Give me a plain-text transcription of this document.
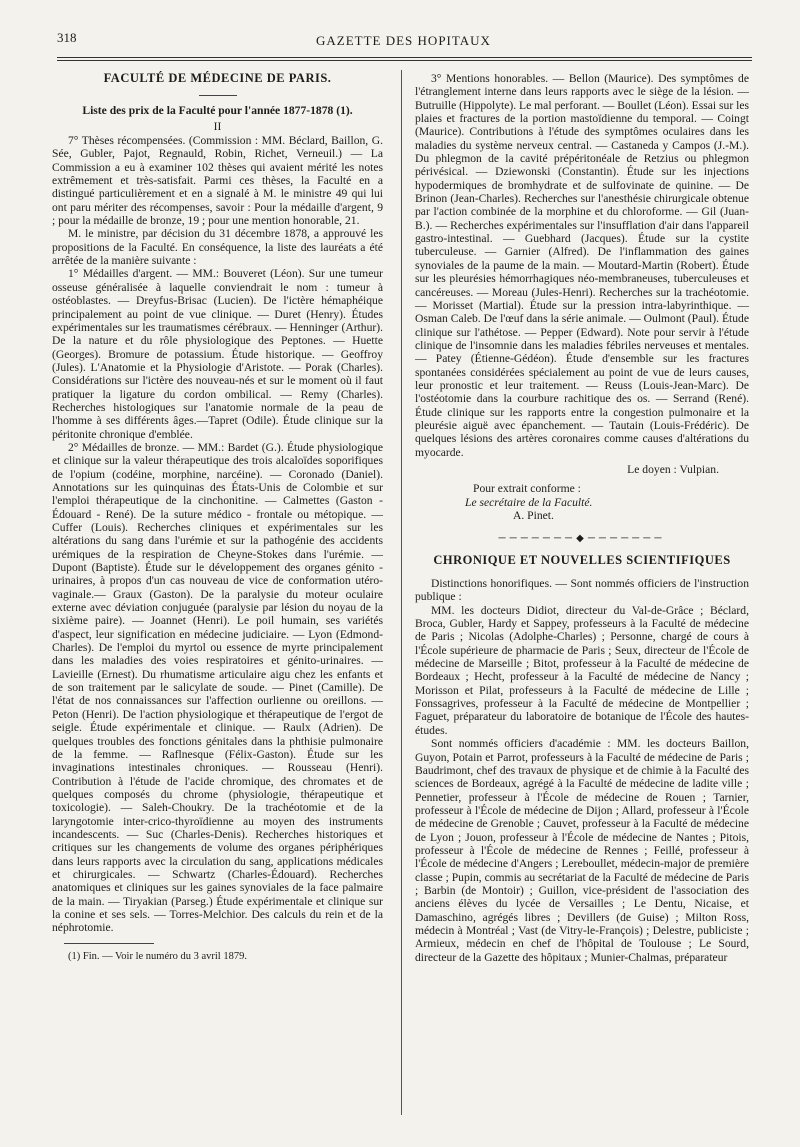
318	GAZETTE DES HOPITAUX
FACULTÉ DE MÉDECINE DE PARIS.
Liste des prix de la Faculté pour l'année 1877-1878 (1).
II

7° Thèses récompensées. (Commission : MM. Béclard, Baillon, G. Sée, Gubler, Pajot, Regnauld, Robin, Richet, Verneuil.) — La Commission a eu à examiner 102 thèses qui avaient mérité les notes extrêmement et très-satisfait. Parmi ces thèses, la Faculté en a distingué particulièrement et en a signalé à M. le ministre 49 qui lui ont paru mériter des récompenses, savoir : Pour la médaille d'argent, 9 ; pour la médaille de bronze, 19 ; pour une mention honorable, 21.

M. le ministre, par décision du 31 décembre 1878, a approuvé les propositions de la Faculté. En conséquence, la liste des lauréats a été arrêtée de la manière suivante :

1° Médailles d'argent. — MM.: Bouveret (Léon). Sur une tumeur osseuse généralisée à laquelle conviendrait le nom : tumeur à ostéoblastes. — Dreyfus-Brisac (Lucien). De l'ictère hémaphéique principalement au point de vue clinique. — Duret (Henry). Études expérimentales sur les traumatismes cérébraux. — Henninger (Arthur). De la nature et du rôle physiologique des Peptones. — Huette (Georges). Bromure de potassium. Étude historique. — Geoffroy (Jules). L'Anatomie et la Physiologie d'Aristote. — Porak (Charles). Considérations sur l'ictère des nouveau-nés et sur le moment où il faut pratiquer la ligature du cordon ombilical. — Remy (Charles). Recherches histologiques sur l'anatomie normale de la peau de l'homme à ses différents âges.—Tapret (Odile). Étude clinique sur la péritonite chronique d'emblée.

2° Médailles de bronze. — MM.: Bardet (G.). Étude physiologique et clinique sur la valeur thérapeutique des trois alcaloïdes soporifiques de l'opium (codéine, morphine, narcéine). — Coronado (Daniel). Annotations sur les quinquinas des États-Unis de Colombie et sur l'emploi thérapeutique de la cinchonitine. — Calmettes (Gaston - Édouard - René). De la suture médico - frontale ou métopique. — Cuffer (Louis). Recherches cliniques et expérimentales sur les altérations du sang dans l'urémie et sur la pathogénie des accidents urémiques de la respiration de Cheyne-Stokes dans l'urémie. — Dupont (Baptiste). Étude sur le développement des organes génito - urinaires, à propos d'un cas nouveau de vice de conformation utéro-vaginale.— Graux (Gaston). De la paralysie du moteur oculaire externe avec déviation conjuguée (paralysie par lésion du noyau de la sixième paire). — Joannet (Henri). Le poil humain, ses variétés d'aspect, leur signification en médecine judiciaire. — Lyon (Edmond-Charles). De l'emploi du myrtol ou essence de myrte principalement dans les maladies des voies respiratoires et génito-urinaires. — Lavieille (Ernest). Du rhumatisme articulaire aigu chez les enfants et de son traitement par le salicylate de soude. — Pinet (Camille). De l'état de nos connaissances sur l'affection ourlienne ou oreillons. — Peton (Henri). De l'action physiologique et thérapeutique de l'ergot de seigle. Étude expérimentale et clinique. — Raulx (Adrien). De quelques troubles des fonctions génitales dans la phthisie pulmonaire de la femme. — Raflnesque (Félix-Gaston). Étude sur les invaginations intestinales chroniques. — Rousseau (Henri). Contribution à l'étude de l'acide chromique, des chromates et de quelques composés du chrome (physiologie, thérapeutique et toxicologie). — Saleh-Choukry. De la trachéotomie et de la laryngotomie inter-crico-thyroïdienne au moyen des instruments incandescents. — Suc (Charles-Denis). Recherches historiques et critiques sur les changements de volume des organes périphériques dans leurs rapports avec la circulation du sang, applications médicales et chirurgicales. — Schwartz (Charles-Édouard). Recherches anatomiques et cliniques sur les gaines synoviales de la face palmaire de la main. — Tiryakian (Parseg.) Étude expérimentale et clinique sur la conine et ses sels. — Torres-Melchior. Des calculs du rein et de la néphrotomie.

(1) Fin. — Voir le numéro du 3 avril 1879.

3° Mentions honorables. — Bellon (Maurice). Des symptômes de l'étranglement interne dans leurs rapports avec le siège de la lésion. — Butruille (Hippolyte). Le mal perforant. — Boullet (Léon). Essai sur les plaies et fractures de la portion mastoïdienne du temporal. — Coingt (Maurice). Contributions à l'étude des symptômes oculaires dans les maladies du système nerveux central. — Castaneda y Campos (J.-M.). Du phlegmon de la cavité prépéritonéale de Retzius ou phlegmon périvésical. — Dziewonski (Constantin). Étude sur les injections hypodermiques de bromhydrate et de sulfovinate de quinine. — De Brinon (Jean-Charles). Recherches sur l'anesthésie chirurgicale obtenue par l'action combinée de la morphine et du chloroforme. — Gil (Juan-B.). — Recherches expérimentales sur l'insufflation d'air dans l'appareil gastro-intestinal. — Guebhard (Jacques). Étude sur la cystite tuberculeuse. — Garnier (Alfred). De l'inflammation des gaines synoviales de la paume de la main. — Moutard-Martin (Robert). Étude sur les pleurésies hémorrhagiques néo-membraneuses, tuberculeuses et cancéreuses. — Moreau (Jules-Henri). Recherches sur la trachéotomie. — Morisset (Martial). Étude sur la pression intra-labyrinthique. — Osman Caleb. De l'œuf dans la série animale. — Oulmont (Paul). Étude clinique sur l'athétose. — Pepper (Edward). Note pour servir à l'étude clinique de l'insomnie dans les maladies fébriles nerveuses et mentales. — Patey (Étienne-Gédéon). Étude d'ensemble sur les fractures spontanées considérées spécialement au point de vue de leurs causes, leur pronostic et leur traitement. — Reuss (Louis-Jean-Marc). De l'ostéotomie dans la courbure rachitique des os. — Serrand (René). Étude clinique sur les rapports entre la congestion pulmonaire et la pleurésie aiguë avec épanchement. — Tautain (Louis-Frédéric). De quelques lésions des artères coronaires comme causes d'altérations du myocarde.

Le doyen : Vulpian.

Pour extrait conforme :

Le secrétaire de la Faculté.
A. Pinet.
───────◆───────
CHRONIQUE ET NOUVELLES SCIENTIFIQUES

Distinctions honorifiques. — Sont nommés officiers de l'instruction publique :

MM. les docteurs Didiot, directeur du Val-de-Grâce ; Béclard, Broca, Gubler, Hardy et Sappey, professeurs à la Faculté de médecine de Paris ; Nicolas (Adolphe-Charles) ; Personne, chargé de cours à l'École supérieure de pharmacie de Paris ; Seux, directeur de l'École de médecine de Marseille ; Bitot, professeur à la Faculté de médecine de Bordeaux ; Hecht, professeur à la Faculté de médecine de Nancy ; Morisson et Pilat, professeurs à la Faculté de médecine de Lille ; Fonssagrives, professeur à la Faculté de médecine de Montpellier ; Faguet, préparateur du laboratoire de botanique de l'École des hautes-études.

Sont nommés officiers d'académie : MM. les docteurs Baillon, Guyon, Potain et Parrot, professeurs à la Faculté de médecine de Paris ; Baudrimont, chef des travaux de physique et de chimie à la Faculté des sciences de Bordeaux, agrégé à la Faculté de médecine de ladite ville ; Pennetier, professeur à l'École de médecine de Rouen ; Tarnier, professeur à l'École de médecine de Dijon ; Allard, professeur à l'École de médecine de Grenoble ; Cauvet, professeur à la Faculté de médecine de Lyon ; Jouon, professeur à l'École de médecine de Nantes ; Pitois, professeur à l'École de médecine de Rennes ; Feillé, professeur à l'École de médecine d'Angers ; Lereboullet, médecin-major de première classe ; Pupin, commis au secrétariat de la Faculté de médecine de Paris ; Barbin (de Montoir) ; Guillon, vice-président de l'association des anciens élèves du lycée de Versailles ; Le Dentu, Nicaise, et Damaschino, agrégés libres ; Devillers (de Guise) ; Milton Ross, médecin à Montréal ; Vast (de Vitry-le-François) ; Delestre, publiciste ; Armieux, médecin en chef de l'hôpital de Toulouse ; Le Sourd, directeur de la Gazette des hôpitaux ; Munier-Chalmas, préparateur
